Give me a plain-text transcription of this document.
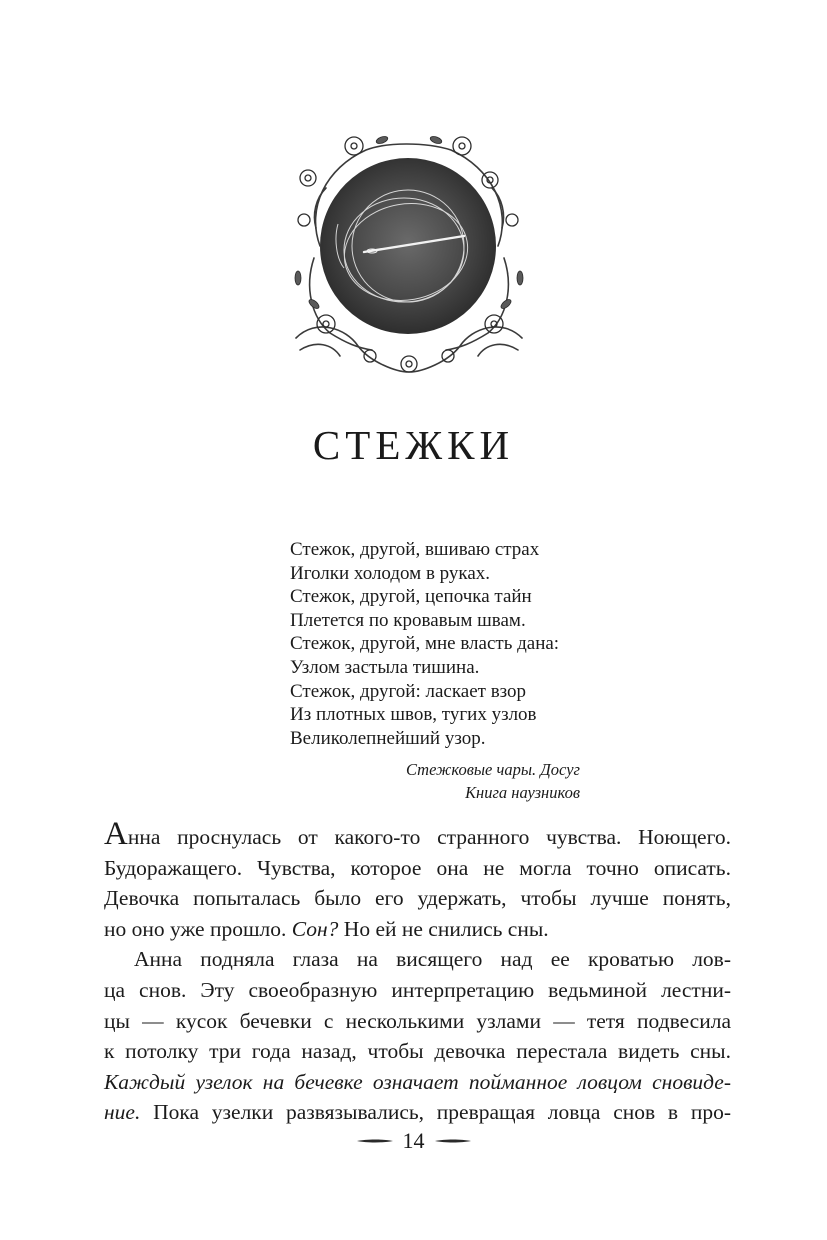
СТЕЖКИ
Стежок, другой, вшиваю страх
Иголки холодом в руках.
Стежок, другой, цепочка тайн
Плетется по кровавым швам.
Стежок, другой, мне власть дана:
Узлом застыла тишина.
Стежок, другой: ласкает взор
Из плотных швов, тугих узлов
Великолепнейший узор.
Стежковые чары. Досуг
Книга наузников
Анна проснулась от какого-то странного чувства. Ноющего.
Будоражащего. Чувства, которое она не могла точно описать.
Девочка попыталась было его удержать, чтобы лучше понять,
но оно уже прошло. Сон? Но ей не снились сны.
Анна подняла глаза на висящего над ее кроватью лов-
ца снов. Эту своеобразную интерпретацию ведьминой лестни-
цы — кусок бечевки с несколькими узлами — тетя подвесила
к потолку три года назад, чтобы девочка перестала видеть сны.
Каждый узелок на бечевке означает пойманное ловцом сновиде-
ние. Пока узелки развязывались, превращая ловца снов в про-
14
